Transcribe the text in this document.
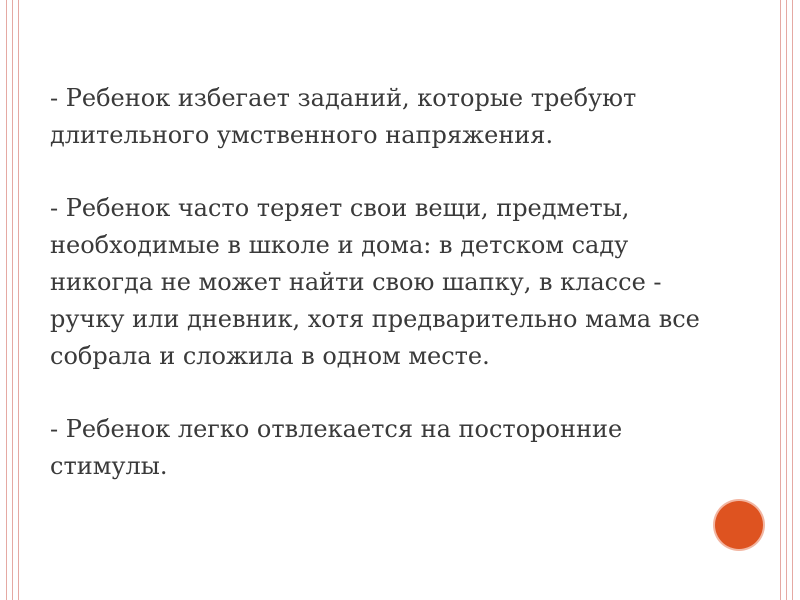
- Ребенок избегает заданий, которые требуют
длительного умственного напряжения.

- Ребенок часто теряет свои вещи, предметы,
необходимые в школе и дома: в детском саду
никогда не может найти свою шапку, в классе -
ручку или дневник, хотя предварительно мама все
собрала и сложила в одном месте.

- Ребенок легко отвлекается на посторонние
стимулы.
